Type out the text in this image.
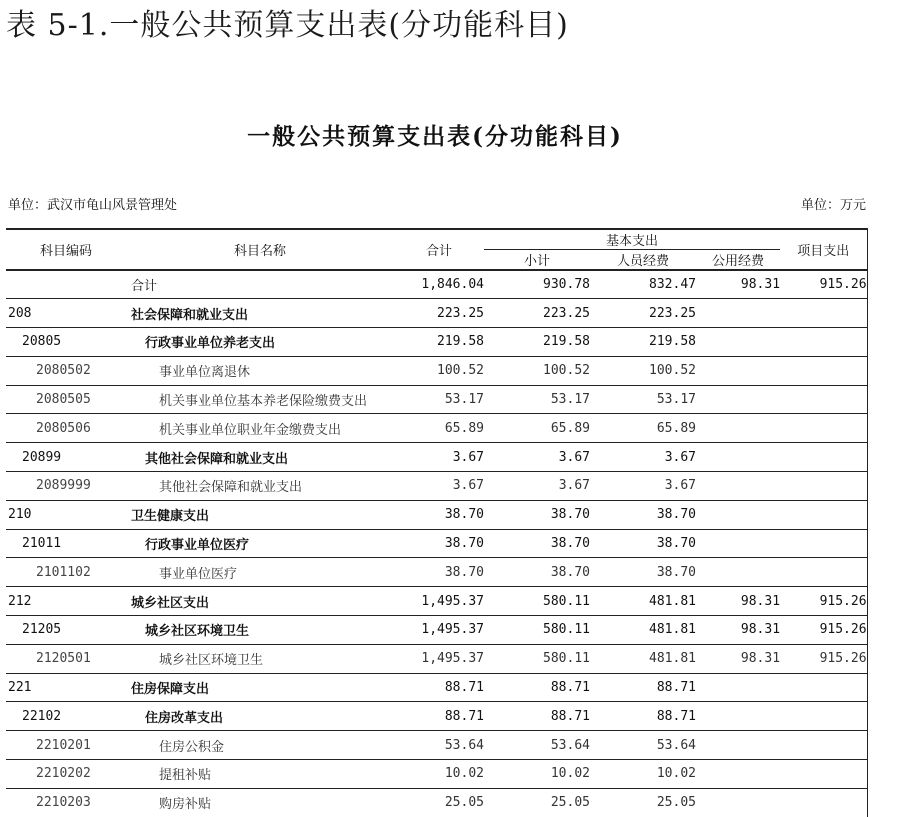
表 5-1.一般公共预算支出表(分功能科目)
一般公共预算支出表(分功能科目)
单位：武汉市龟山风景管理处	单位：万元
科目编码	科目名称	合计	基本支出			项目支出
			小计	人员经费	公用经费	
	合计	1,846.04	930.78	832.47	98.31	915.26
208	社会保障和就业支出	223.25	223.25	223.25		
20805	行政事业单位养老支出	219.58	219.58	219.58		
2080502	事业单位离退休	100.52	100.52	100.52		
2080505	机关事业单位基本养老保险缴费支出	53.17	53.17	53.17		
2080506	机关事业单位职业年金缴费支出	65.89	65.89	65.89		
20899	其他社会保障和就业支出	3.67	3.67	3.67		
2089999	其他社会保障和就业支出	3.67	3.67	3.67		
210	卫生健康支出	38.70	38.70	38.70		
21011	行政事业单位医疗	38.70	38.70	38.70		
2101102	事业单位医疗	38.70	38.70	38.70		
212	城乡社区支出	1,495.37	580.11	481.81	98.31	915.26
21205	城乡社区环境卫生	1,495.37	580.11	481.81	98.31	915.26
2120501	城乡社区环境卫生	1,495.37	580.11	481.81	98.31	915.26
221	住房保障支出	88.71	88.71	88.71		
22102	住房改革支出	88.71	88.71	88.71		
2210201	住房公积金	53.64	53.64	53.64		
2210202	提租补贴	10.02	10.02	10.02		
2210203	购房补贴	25.05	25.05	25.05		
